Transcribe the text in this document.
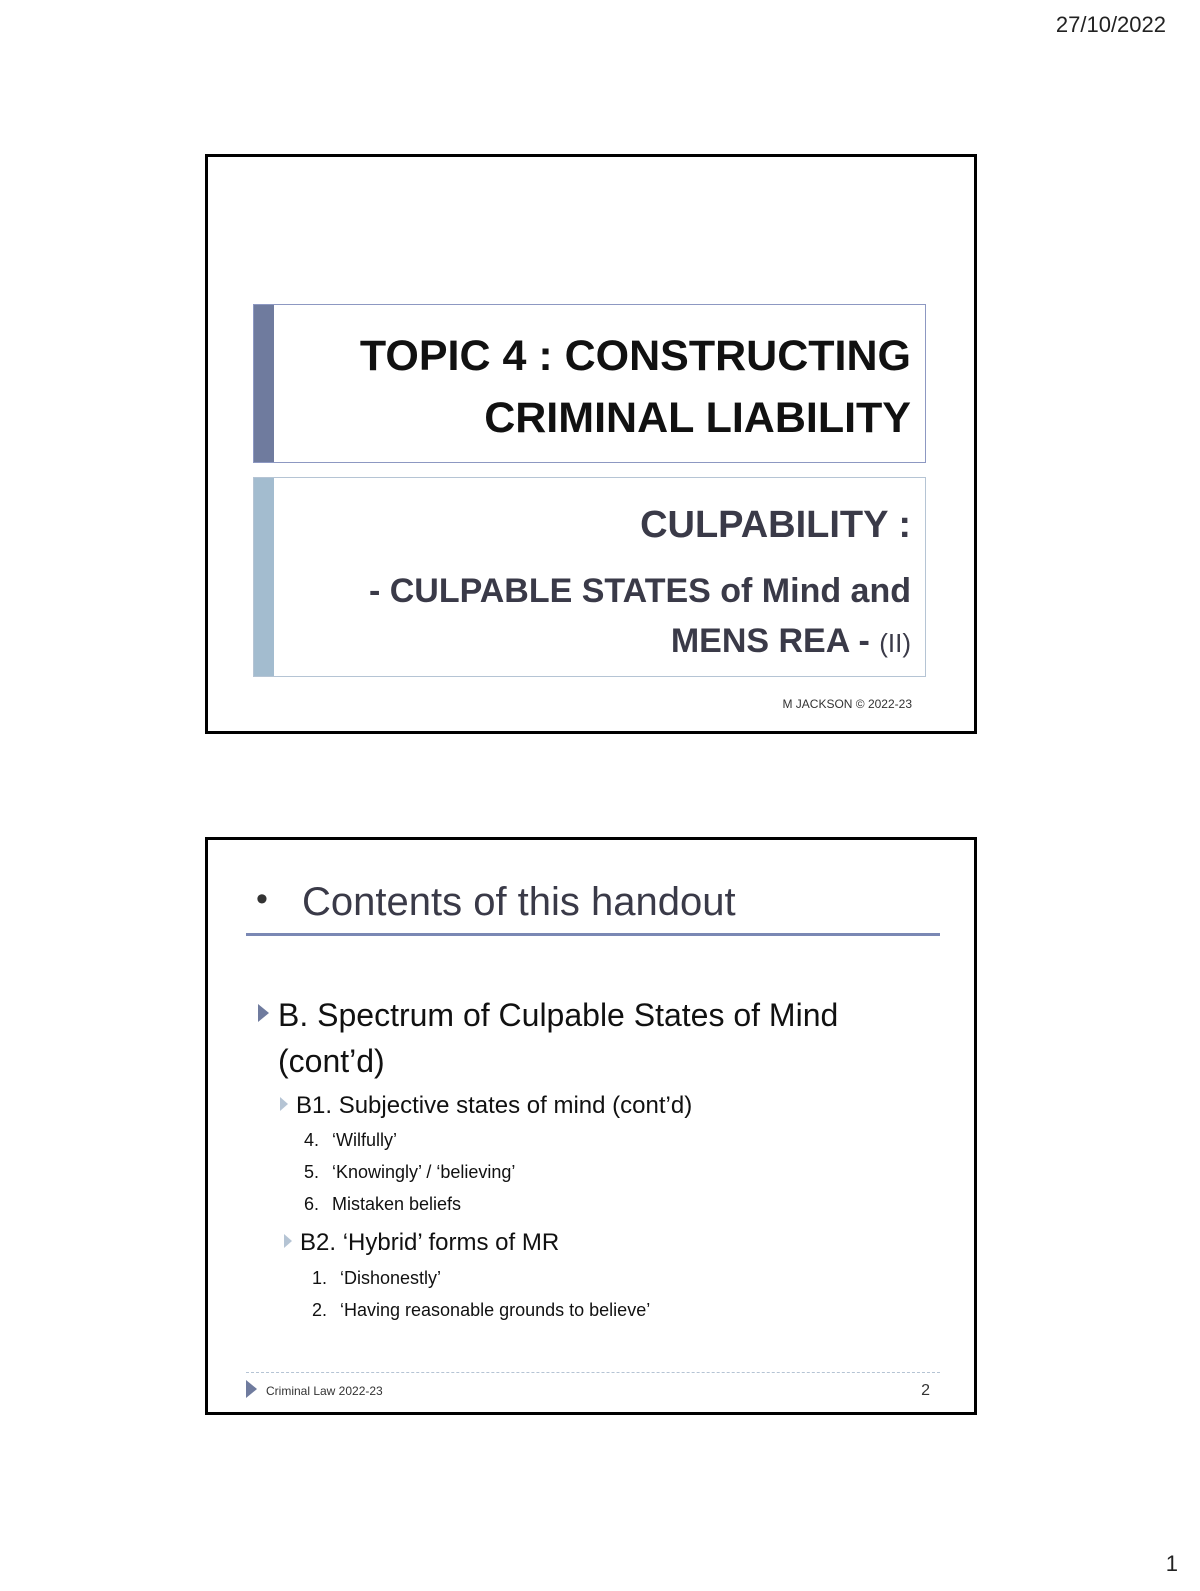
27/10/2022
TOPIC 4 : CONSTRUCTING
CRIMINAL LIABILITY
CULPABILITY :
- CULPABLE STATES of Mind and
MENS REA - (II)
M JACKSON © 2022-23
• Contents of this handout
B. Spectrum of Culpable States of Mind (cont’d)
B1. Subjective states of mind (cont’d)
4. ‘Wilfully’
5. ‘Knowingly’ / ‘believing’
6. Mistaken beliefs
B2. ‘Hybrid’ forms of MR
1. ‘Dishonestly’
2. ‘Having reasonable grounds to believe’
Criminal Law 2022-23	2
1
